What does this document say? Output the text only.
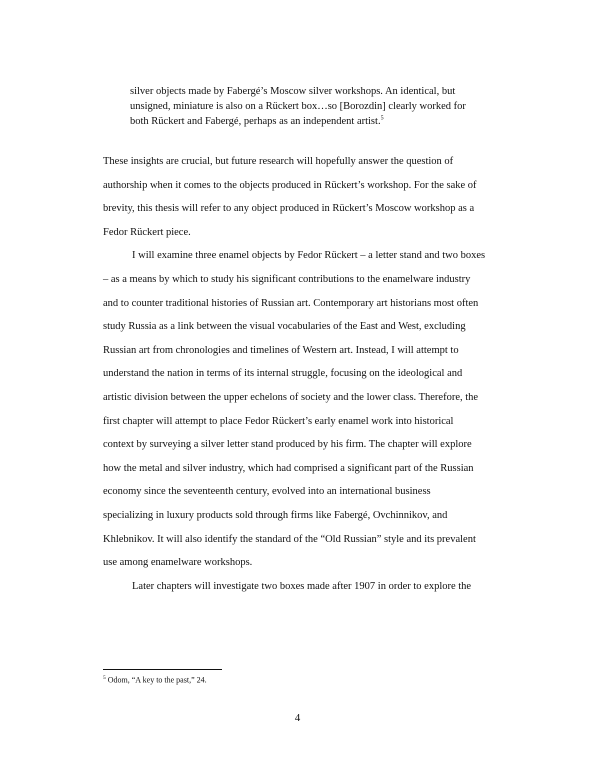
silver objects made by Fabergé’s Moscow silver workshops. An identical, but
unsigned, miniature is also on a Rückert box…so [Borozdin] clearly worked for
both Rückert and Fabergé, perhaps as an independent artist.$^5$
These insights are crucial, but future research will hopefully answer the question of
authorship when it comes to the objects produced in Rückert’s workshop. For the sake of
brevity, this thesis will refer to any object produced in Rückert’s Moscow workshop as a
Fedor Rückert piece.
I will examine three enamel objects by Fedor Rückert – a letter stand and two boxes
– as a means by which to study his significant contributions to the enamelware industry
and to counter traditional histories of Russian art. Contemporary art historians most often
study Russia as a link between the visual vocabularies of the East and West, excluding
Russian art from chronologies and timelines of Western art. Instead, I will attempt to
understand the nation in terms of its internal struggle, focusing on the ideological and
artistic division between the upper echelons of society and the lower class. Therefore, the
first chapter will attempt to place Fedor Rückert’s early enamel work into historical
context by surveying a silver letter stand produced by his firm. The chapter will explore
how the metal and silver industry, which had comprised a significant part of the Russian
economy since the seventeenth century, evolved into an international business
specializing in luxury products sold through firms like Fabergé, Ovchinnikov, and
Khlebnikov. It will also identify the standard of the “Old Russian” style and its prevalent
use among enamelware workshops.
Later chapters will investigate two boxes made after 1907 in order to explore the
$^5$ Odom, “A key to the past,” 24.
4
